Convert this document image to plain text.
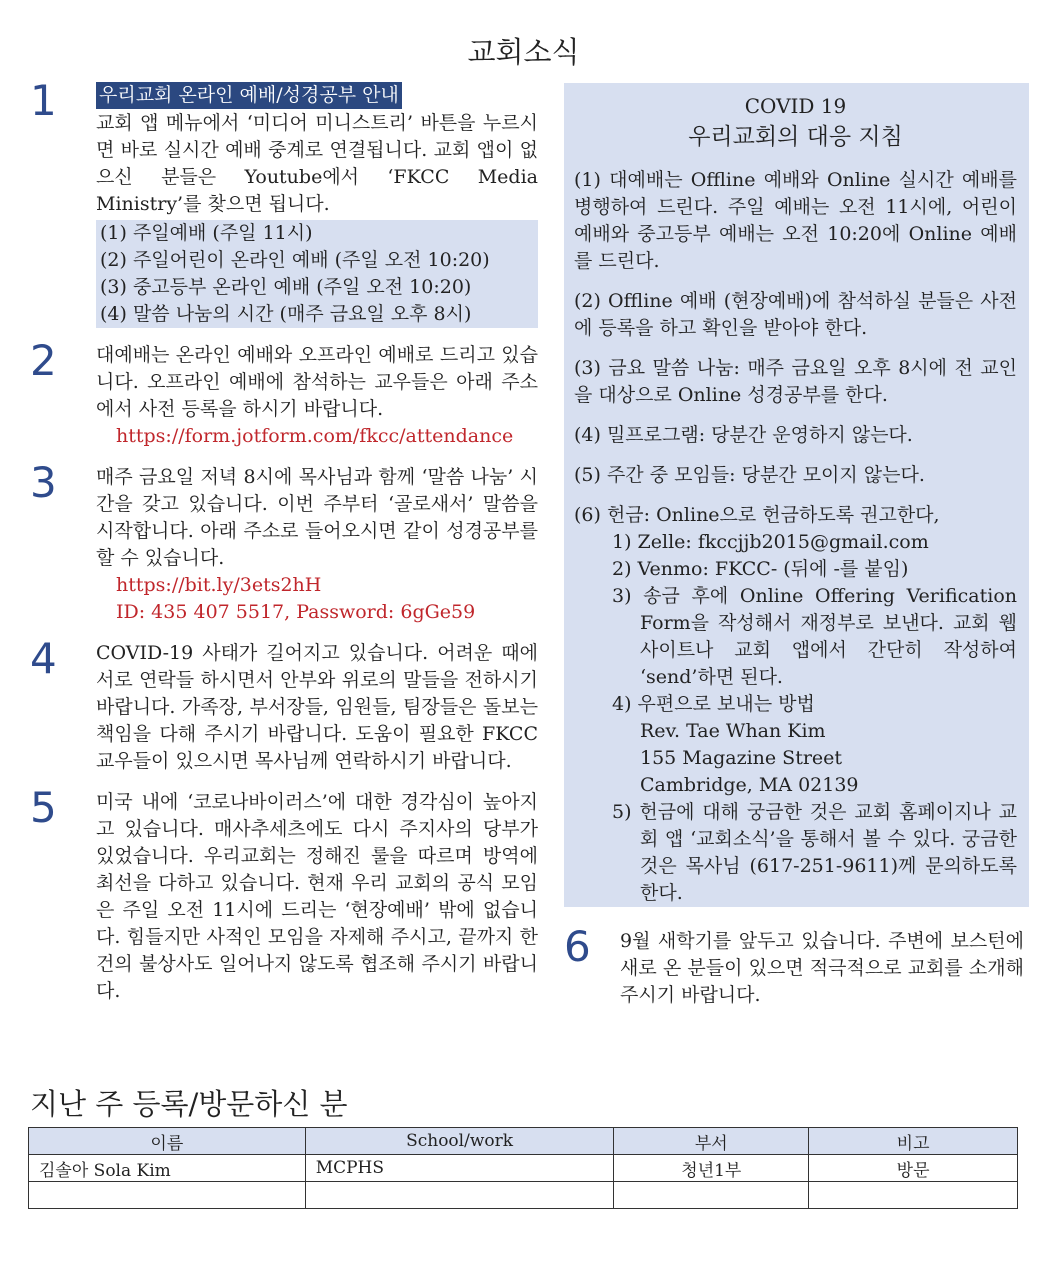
교회소식
1 우리교회 온라인 예배/성경공부 안내
교회 앱 메뉴에서 ‘미디어 미니스트리’ 바튼을 누르시면 바로 실시간 예배 중계로 연결됩니다. 교회 앱이 없으신 분들은 Youtube에서 ‘FKCC Media Ministry’를 찾으면 됩니다.
(1) 주일예배 (주일 11시)
(2) 주일어린이 온라인 예배 (주일 오전 10:20)
(3) 중고등부 온라인 예배 (주일 오전 10:20)
(4) 말씀 나눔의 시간 (매주 금요일 오후 8시)
2 대예배는 온라인 예배와 오프라인 예배로 드리고 있습니다. 오프라인 예배에 참석하는 교우들은 아래 주소에서 사전 등록을 하시기 바랍니다.
https://form.jotform.com/fkcc/attendance
3 매주 금요일 저녁 8시에 목사님과 함께 ‘말씀 나눔’ 시간을 갖고 있습니다. 이번 주부터 ‘골로새서’ 말씀을 시작합니다. 아래 주소로 들어오시면 같이 성경공부를 할 수 있습니다.
https://bit.ly/3ets2hH
ID: 435 407 5517, Password: 6gGe59
4 COVID-19 사태가 길어지고 있습니다. 어려운 때에 서로 연락들 하시면서 안부와 위로의 말들을 전하시기 바랍니다. 가족장, 부서장들, 임원들, 팀장들은 돌보는 책임을 다해 주시기 바랍니다. 도움이 필요한 FKCC 교우들이 있으시면 목사님께 연락하시기 바랍니다.
5 미국 내에 ‘코로나바이러스’에 대한 경각심이 높아지고 있습니다. 매사추세츠에도 다시 주지사의 당부가 있었습니다. 우리교회는 정해진 룰을 따르며 방역에 최선을 다하고 있습니다. 현재 우리 교회의 공식 모임은 주일 오전 11시에 드리는 ‘현장예배’ 밖에 없습니다. 힘들지만 사적인 모임을 자제해 주시고, 끝까지 한 건의 불상사도 일어나지 않도록 협조해 주시기 바랍니다.
COVID 19
우리교회의 대응 지침
(1) 대예배는 Offline 예배와 Online 실시간 예배를 병행하여 드린다. 주일 예배는 오전 11시에, 어린이 예배와 중고등부 예배는 오전 10:20에 Online 예배를 드린다.
(2) Offline 예배 (현장예배)에 참석하실 분들은 사전에 등록을 하고 확인을 받아야 한다.
(3) 금요 말씀 나눔: 매주 금요일 오후 8시에 전 교인을 대상으로 Online 성경공부를 한다.
(4) 밀프로그램: 당분간 운영하지 않는다.
(5) 주간 중 모임들: 당분간 모이지 않는다.
(6) 헌금: Online으로 헌금하도록 권고한다,
1) Zelle: fkccjjb2015@gmail.com
2) Venmo: FKCC- (뒤에 -를 붙임)
3) 송금 후에 Online Offering Verification Form을 작성해서 재정부로 보낸다. 교회 웹사이트나 교회 앱에서 간단히 작성하여 ‘send’하면 된다.
4) 우편으로 보내는 방법
Rev. Tae Whan Kim
155 Magazine Street
Cambridge, MA 02139
5) 헌금에 대해 궁금한 것은 교회 홈페이지나 교회 앱 ‘교회소식’을 통해서 볼 수 있다. 궁금한 것은 목사님 (617-251-9611)께 문의하도록 한다.
6 9월 새학기를 앞두고 있습니다. 주변에 보스턴에 새로 온 분들이 있으면 적극적으로 교회를 소개해 주시기 바랍니다.
지난 주 등록/방문하신 분
이름	School/work	부서	비고
김솔아 Sola Kim	MCPHS	청년1부	방문
